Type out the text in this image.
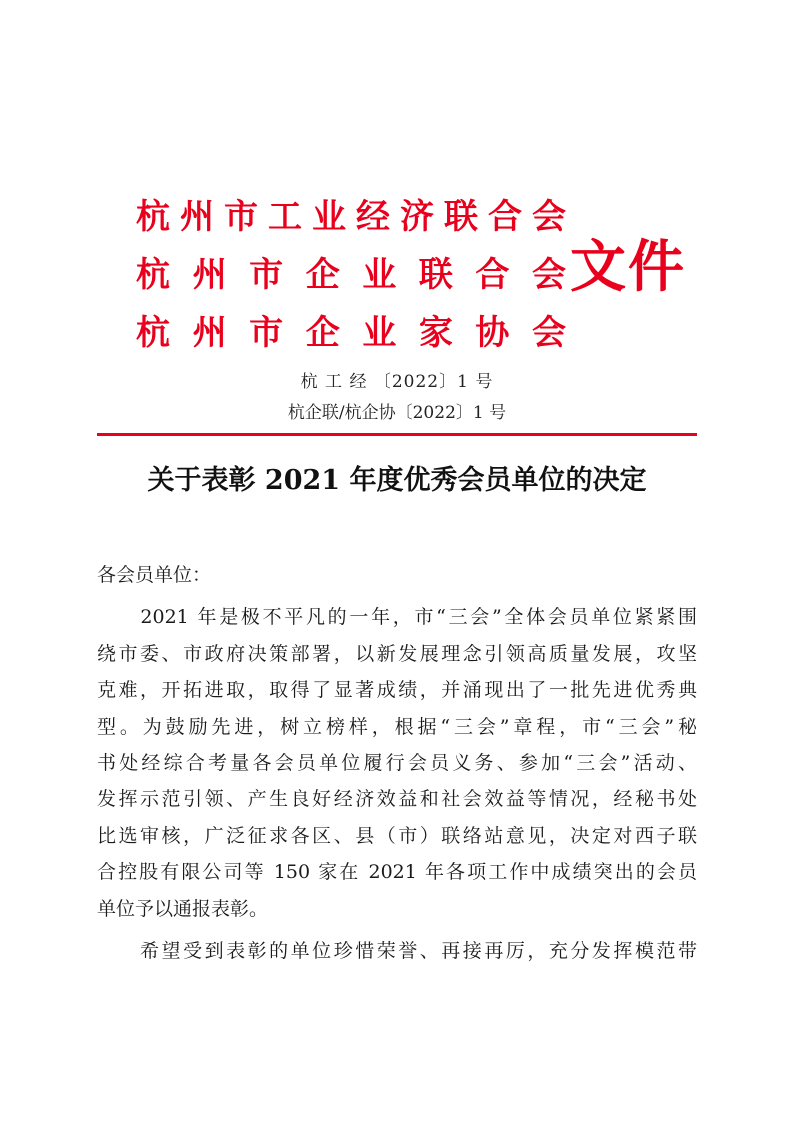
杭 州 市 工 业 经 济 联 合 会
杭 州 市 企 业 联 合 会
杭 州 市 企 业 家 协 会
文件
杭 工 经 〔2022〕1 号
杭企联/杭企协〔2022〕1 号
关于表彰 2021 年度优秀会员单位的决定
各会员单位：
　　2021 年是极不平凡的一年，市“三会”全体会员单位紧紧围
绕市委、市政府决策部署，以新发展理念引领高质量发展，攻坚
克难，开拓进取，取得了显著成绩，并涌现出了一批先进优秀典
型。为鼓励先进，树立榜样，根据“三会”章程，市“三会”秘
书处经综合考量各会员单位履行会员义务、参加“三会”活动、
发挥示范引领、产生良好经济效益和社会效益等情况，经秘书处
比选审核，广泛征求各区、县（市）联络站意见，决定对西子联
合控股有限公司等 150 家在 2021 年各项工作中成绩突出的会员
单位予以通报表彰。
　　希望受到表彰的单位珍惜荣誉、再接再厉，充分发挥模范带
